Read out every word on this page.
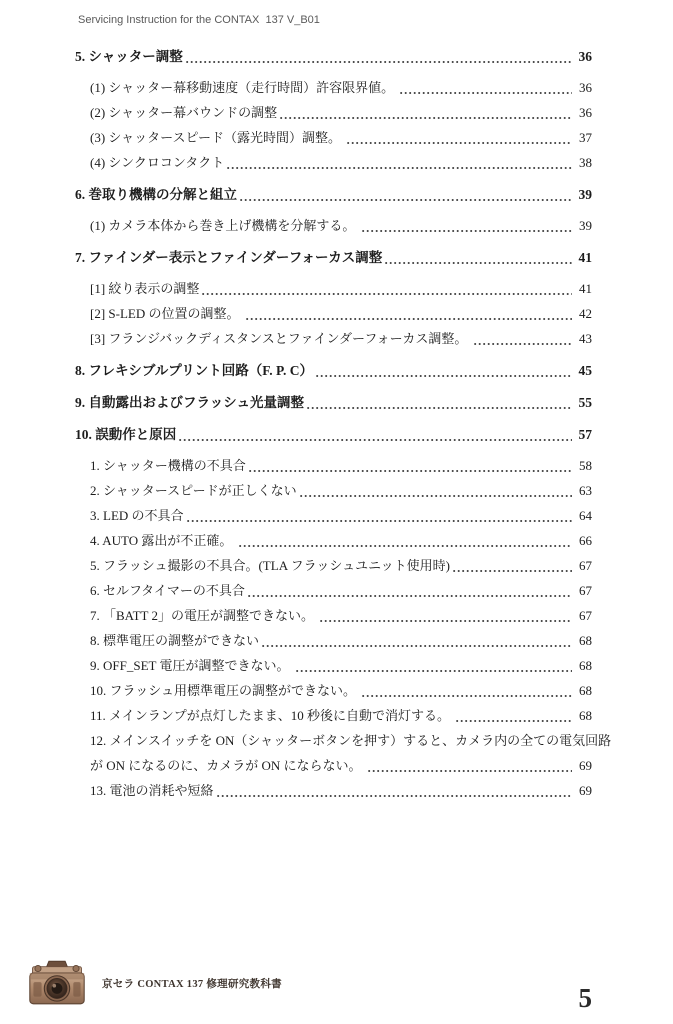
Servicing Instruction for the CONTAX  137 V_B01
5. シャッター調整	36
(1) シャッター幕移動速度（走行時間）許容限界値。	36
(2) シャッター幕バウンドの調整	36
(3) シャッタースピード（露光時間）調整。	37
(4) シンクロコンタクト	38
6. 巻取り機構の分解と組立	39
(1) カメラ本体から巻き上げ機構を分解する。	39
7. ファインダー表示とファインダーフォーカス調整	41
[1] 絞り表示の調整	41
[2] S-LED の位置の調整。	42
[3] フランジバックディスタンスとファインダーフォーカス調整。	43
8. フレキシブルプリント回路（F. P. C）	45
9. 自動露出およびフラッシュ光量調整	55
10. 誤動作と原因	57
1. シャッター機構の不具合	58
2. シャッタースピードが正しくない	63
3. LED の不具合	64
4. AUTO 露出が不正確。	66
5. フラッシュ撮影の不具合。(TLA フラッシュユニット使用時)	67
6. セルフタイマーの不具合	67
7. 「BATT 2」の電圧が調整できない。	67
8. 標準電圧の調整ができない	68
9. OFF_SET 電圧が調整できない。	68
10. フラッシュ用標準電圧の調整ができない。	68
11. メインランプが点灯したまま、10 秒後に自動で消灯する。	68
12. メインスイッチを ON（シャッターボタンを押す）すると、カメラ内の全ての電気回路
が ON になるのに、カメラが ON にならない。	69
13. 電池の消耗や短絡	69
京セラ CONTAX 137 修理研究教科書	5
